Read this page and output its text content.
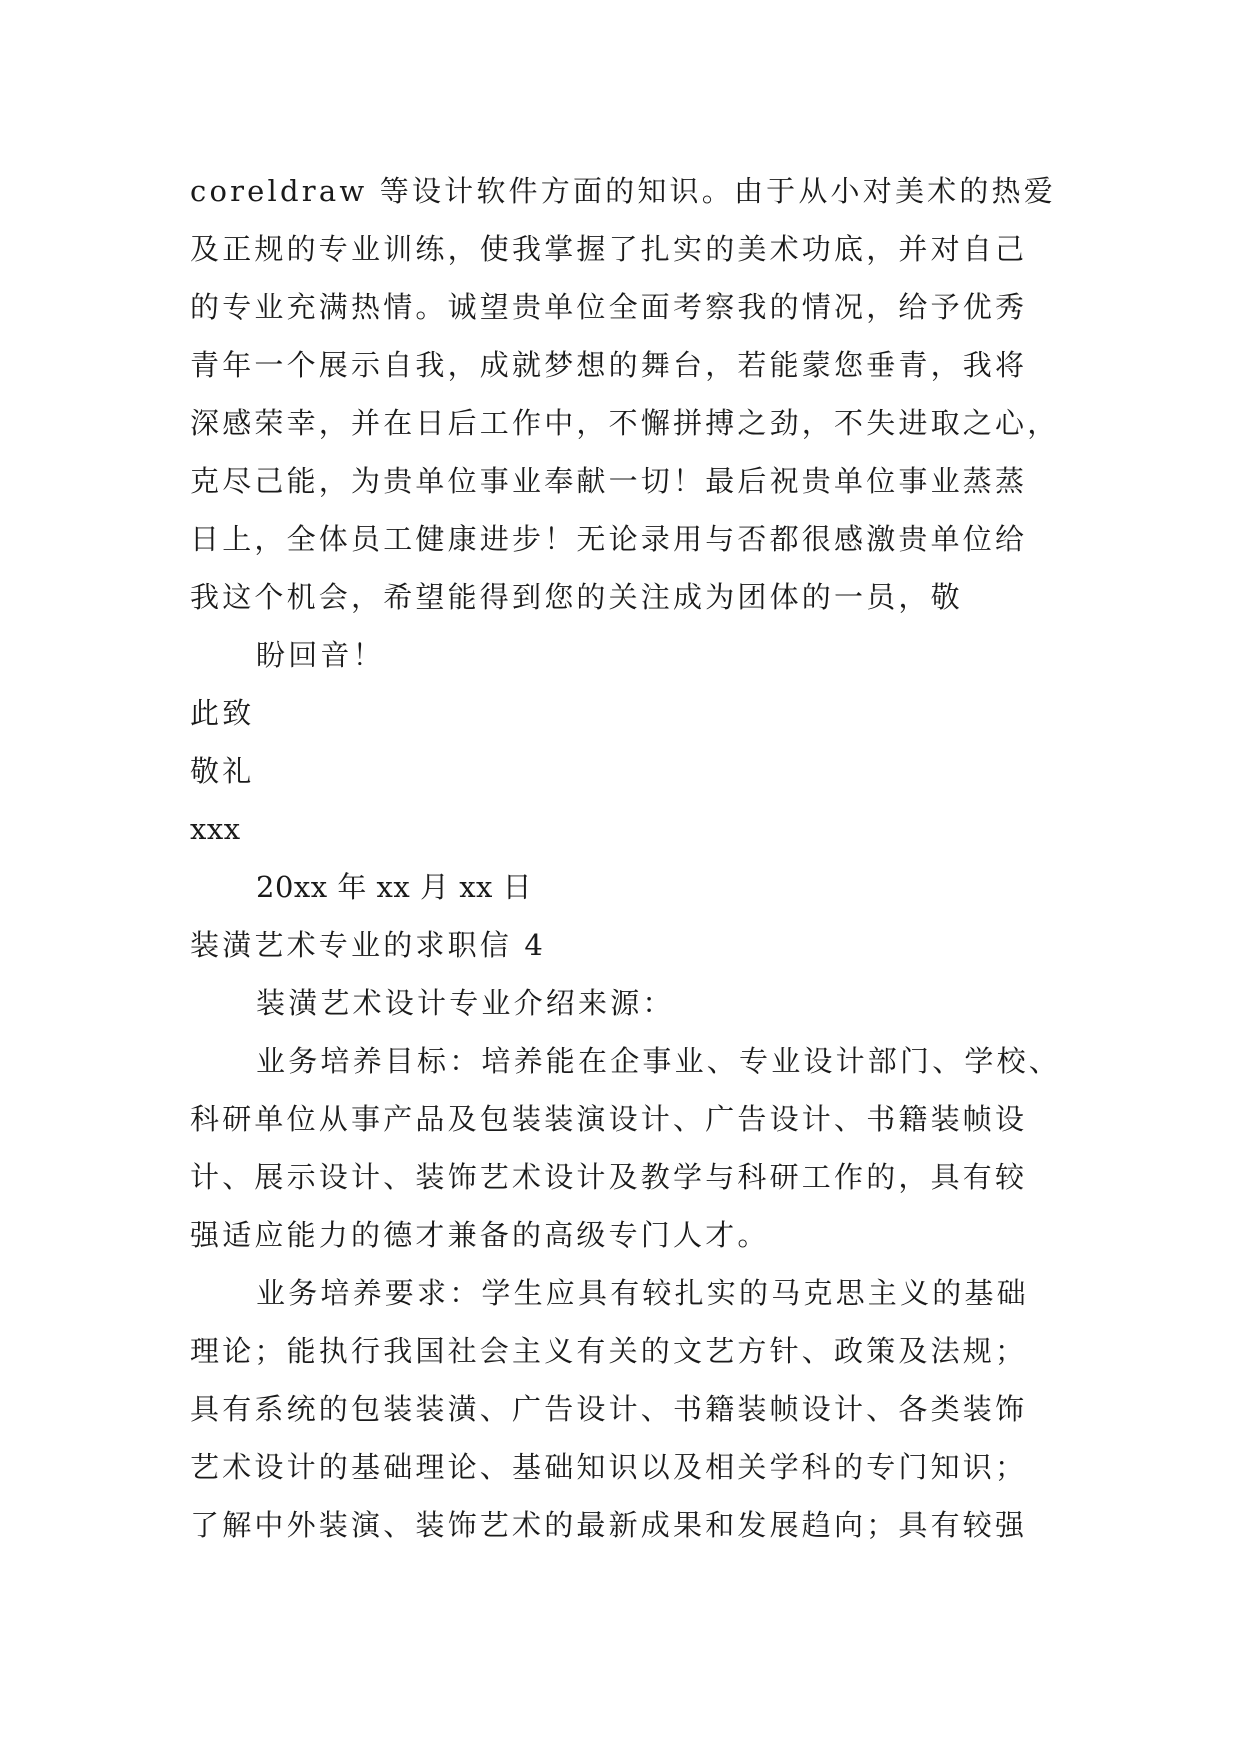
coreldraw 等设计软件方面的知识。由于从小对美术的热爱
及正规的专业训练，使我掌握了扎实的美术功底，并对自己
的专业充满热情。诚望贵单位全面考察我的情况，给予优秀
青年一个展示自我，成就梦想的舞台，若能蒙您垂青，我将
深感荣幸，并在日后工作中，不懈拼搏之劲，不失进取之心，
克尽己能，为贵单位事业奉献一切！最后祝贵单位事业蒸蒸
日上，全体员工健康进步！无论录用与否都很感激贵单位给
我这个机会，希望能得到您的关注成为团体的一员，敬
盼回音！
此致
敬礼
xxx
20xx 年 xx 月 xx 日
装潢艺术专业的求职信 4
装潢艺术设计专业介绍来源：
业务培养目标：培养能在企事业、专业设计部门、学校、
科研单位从事产品及包装装演设计、广告设计、书籍装帧设
计、展示设计、装饰艺术设计及教学与科研工作的，具有较
强适应能力的德才兼备的高级专门人才。
业务培养要求：学生应具有较扎实的马克思主义的基础
理论；能执行我国社会主义有关的文艺方针、政策及法规；
具有系统的包装装潢、广告设计、书籍装帧设计、各类装饰
艺术设计的基础理论、基础知识以及相关学科的专门知识；
了解中外装演、装饰艺术的最新成果和发展趋向；具有较强
